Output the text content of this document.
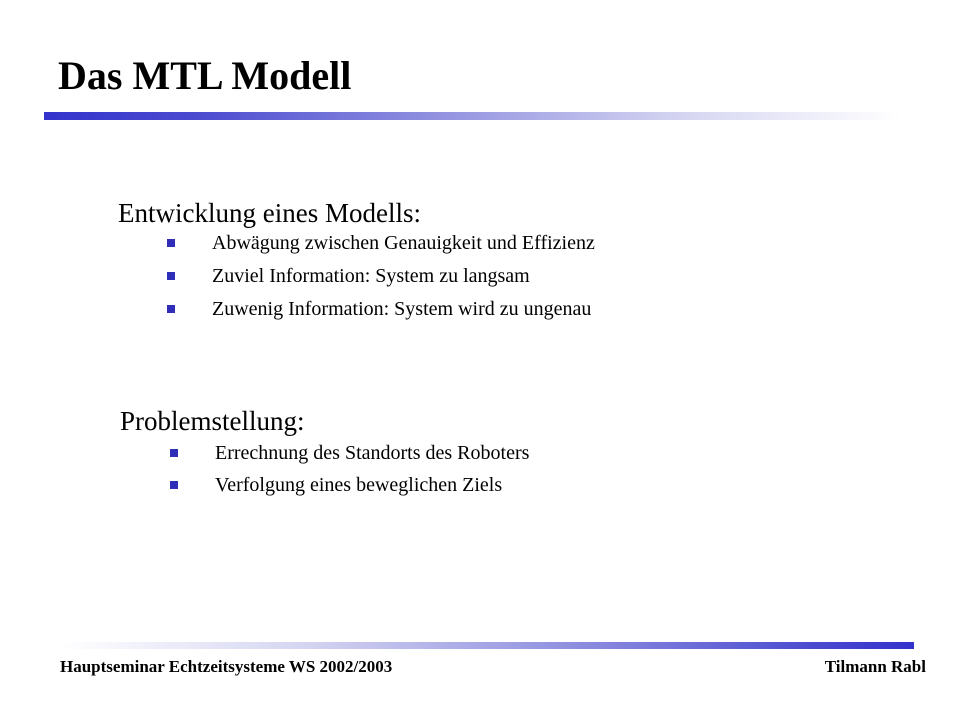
Das MTL Modell
Entwicklung eines Modells:
Abwägung zwischen Genauigkeit und Effizienz
Zuviel Information: System zu langsam
Zuwenig Information: System wird zu ungenau
Problemstellung:
Errechnung des Standorts des Roboters
Verfolgung eines beweglichen Ziels
Hauptseminar Echtzeitsysteme WS 2002/2003	Tilmann Rabl
